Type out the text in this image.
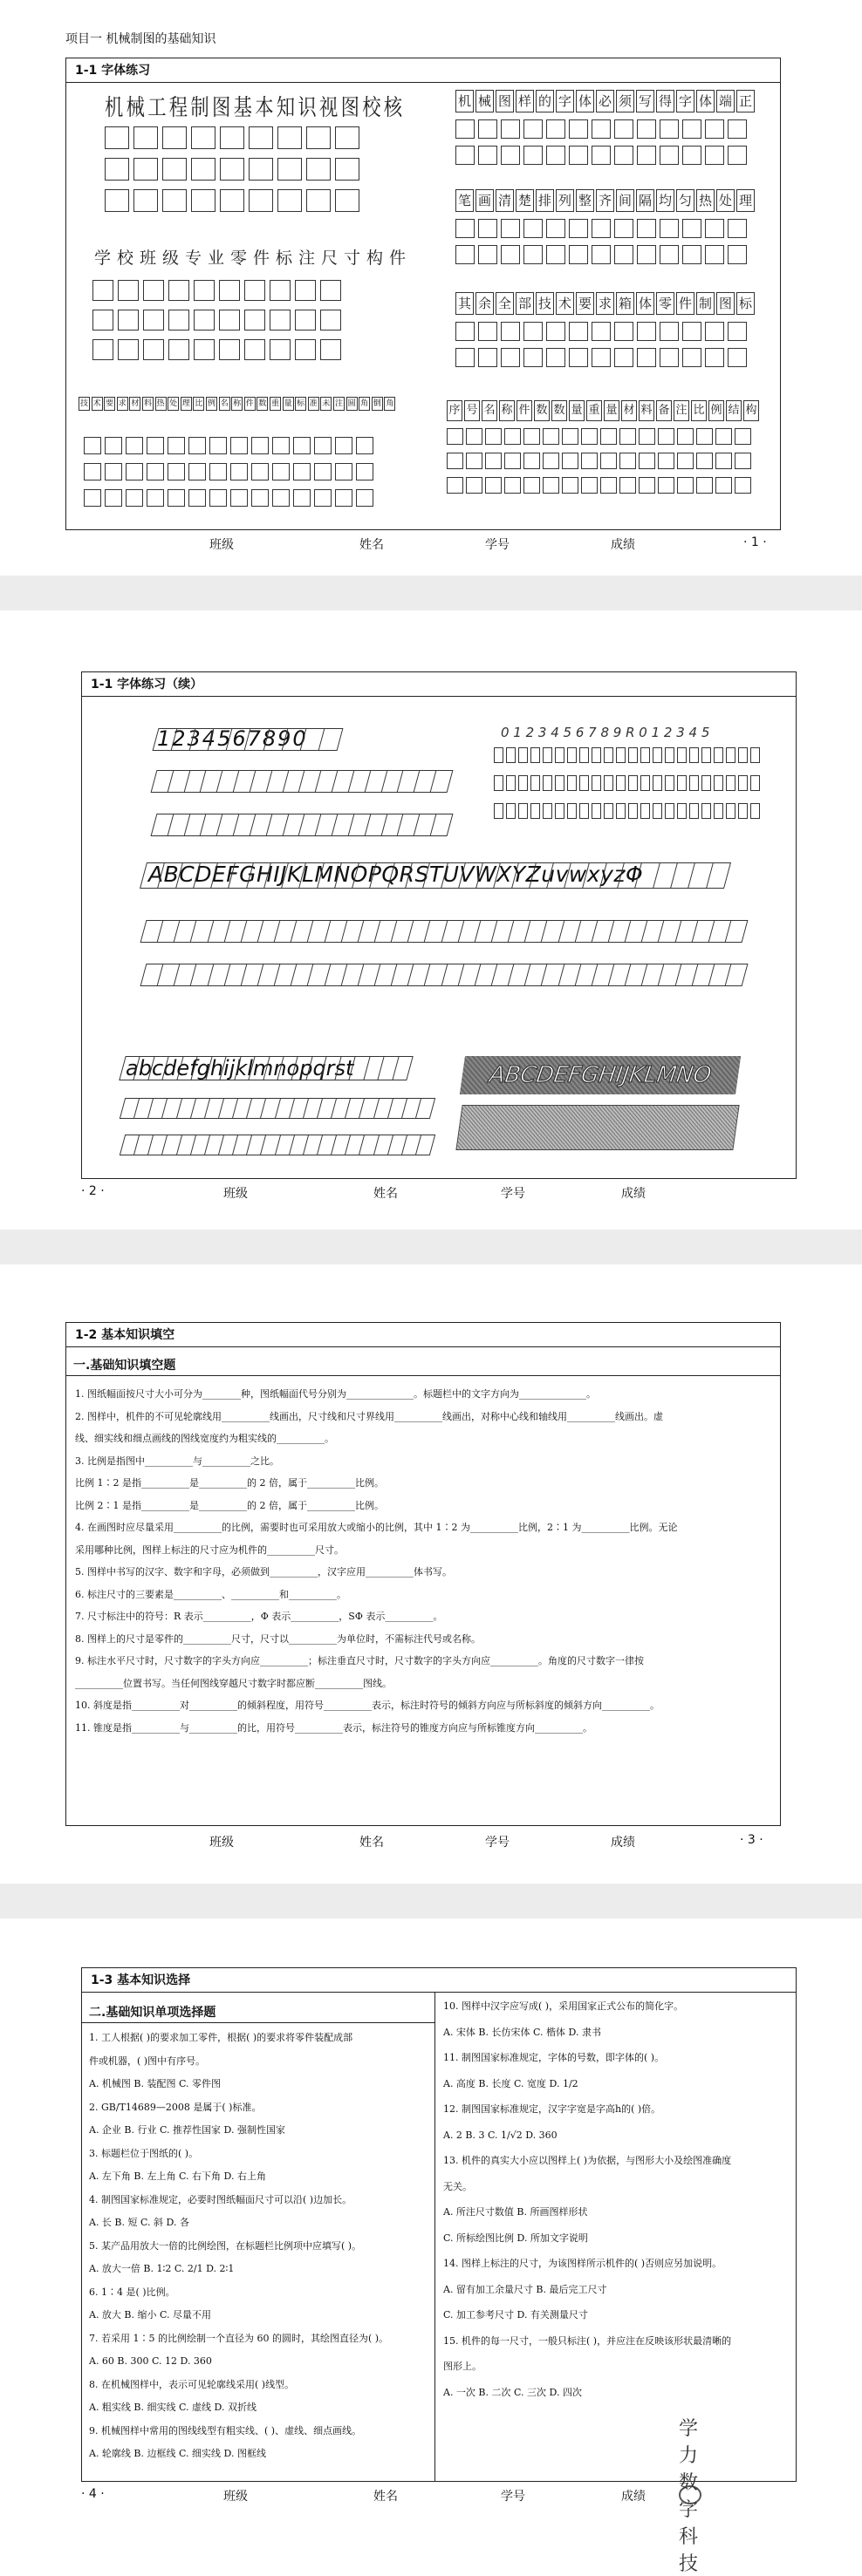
项目一 机械制图的基础知识
1-1 字体练习
机械工程制图基本知识视图校核
学校班级专业零件标注尺寸构件
技 术 要 求 材 料 热 处 理 比 例 名 称 件 数 重 量 标 准 未 注 圆 角 倒 角
机 械 图 样 的 字 体 必 须 写 得 字 体 端 正
笔 画 清 楚 排 列 整 齐 间 隔 均 匀 热 处 理
其 余 全 部 技 术 要 求 箱 体 零 件 制 图 标
序 号 名 称 件 数 数 量 重 量 材 料 备 注 比 例 结 构
班级	姓名	学号	成绩	· 1 ·
1-1 字体练习（续）
1234567890	0 1 2 3 4 5 6 7 8 9 R 0 1 2 3 4 5
ABCDEFGHIJKLMNOPQRSTUVWXYZuvwxyzΦ
abcdefghijklmnopqrst	ABCDEFGHIJKLMNO
· 2 ·	班级	姓名	学号	成绩
1-2 基本知识填空
一.基础知识填空题
1. 图纸幅面按尺寸大小可分为________种，图纸幅面代号分别为______________。标题栏中的文字方向为______________。
2. 图样中，机件的不可见轮廓线用__________线画出，尺寸线和尺寸界线用__________线画出，对称中心线和轴线用__________线画出。虚
线、细实线和细点画线的图线宽度约为粗实线的__________。
3. 比例是指图中__________与__________之比。
比例 1∶2 是指__________是__________的 2 倍，属于__________比例。
比例 2∶1 是指__________是__________的 2 倍，属于__________比例。
4. 在画图时应尽量采用__________的比例，需要时也可采用放大或缩小的比例，其中 1∶2 为__________比例，2∶1 为__________比例。无论
采用哪种比例，图样上标注的尺寸应为机件的__________尺寸。
5. 图样中书写的汉字、数字和字母，必须做到__________，汉字应用__________体书写。
6. 标注尺寸的三要素是__________、__________和__________。
7. 尺寸标注中的符号：R 表示__________，Φ 表示__________，SΦ 表示__________。
8. 图样上的尺寸是零件的__________尺寸，尺寸以__________为单位时，不需标注代号或名称。
9. 标注水平尺寸时，尺寸数字的字头方向应__________；标注垂直尺寸时，尺寸数字的字头方向应__________。角度的尺寸数字一律按
__________位置书写。当任何图线穿越尺寸数字时都应断__________图线。
10. 斜度是指__________对__________的倾斜程度，用符号__________表示，标注时符号的倾斜方向应与所标斜度的倾斜方向__________。
11. 锥度是指__________与__________的比，用符号__________表示，标注符号的锥度方向应与所标锥度方向__________。
班级	姓名	学号	成绩	· 3 ·
1-3 基本知识选择
二.基础知识单项选择题
1. 工人根据( )的要求加工零件，根据( )的要求将零件装配成部
件或机器，( )图中有序号。
A. 机械图 B. 装配图 C. 零件图
2. GB/T14689—2008 是属于( )标准。
A. 企业 B. 行业 C. 推荐性国家 D. 强制性国家
3. 标题栏位于图纸的( )。
A. 左下角 B. 左上角 C. 右下角 D. 右上角
4. 制图国家标准规定，必要时图纸幅面尺寸可以沿( )边加长。
A. 长 B. 短 C. 斜 D. 各
5. 某产品用放大一倍的比例绘图，在标题栏比例项中应填写( )。
A. 放大一倍 B. 1∶2 C. 2/1 D. 2∶1
6. 1∶4 是( )比例。
A. 放大 B. 缩小 C. 尽量不用
7. 若采用 1∶5 的比例绘制一个直径为 60 的圆时，其绘图直径为( )。
A. 60 B. 300 C. 12 D. 360
8. 在机械图样中，表示可见轮廓线采用( )线型。
A. 粗实线 B. 细实线 C. 虚线 D. 双折线
9. 机械图样中常用的图线线型有粗实线、( )、虚线、细点画线。
A. 轮廓线 B. 边框线 C. 细实线 D. 图框线
10. 图样中汉字应写成( )，采用国家正式公布的简化字。
A. 宋体 B. 长仿宋体 C. 楷体 D. 隶书
11. 制图国家标准规定，字体的号数，即字体的( )。
A. 高度 B. 长度 C. 宽度 D. 1/2
12. 制图国家标准规定，汉字字宽是字高h的( )倍。
A. 2 B. 3 C. 1/√2 D. 360
13. 机件的真实大小应以图样上( )为依据，与图形大小及绘图准确度
无关。
A. 所注尺寸数值 B. 所画图样形状
C. 所标绘图比例 D. 所加文字说明
14. 图样上标注的尺寸，为该图样所示机件的( )否则应另加说明。
A. 留有加工余量尺寸 B. 最后完工尺寸
C. 加工参考尺寸 D. 有关测量尺寸
15. 机件的每一尺寸，一般只标注( )，并应注在反映该形状最清晰的
图形上。
A. 一次 B. 二次 C. 三次 D. 四次
· 4 ·	班级	姓名	学号	成绩
学力数字科技
